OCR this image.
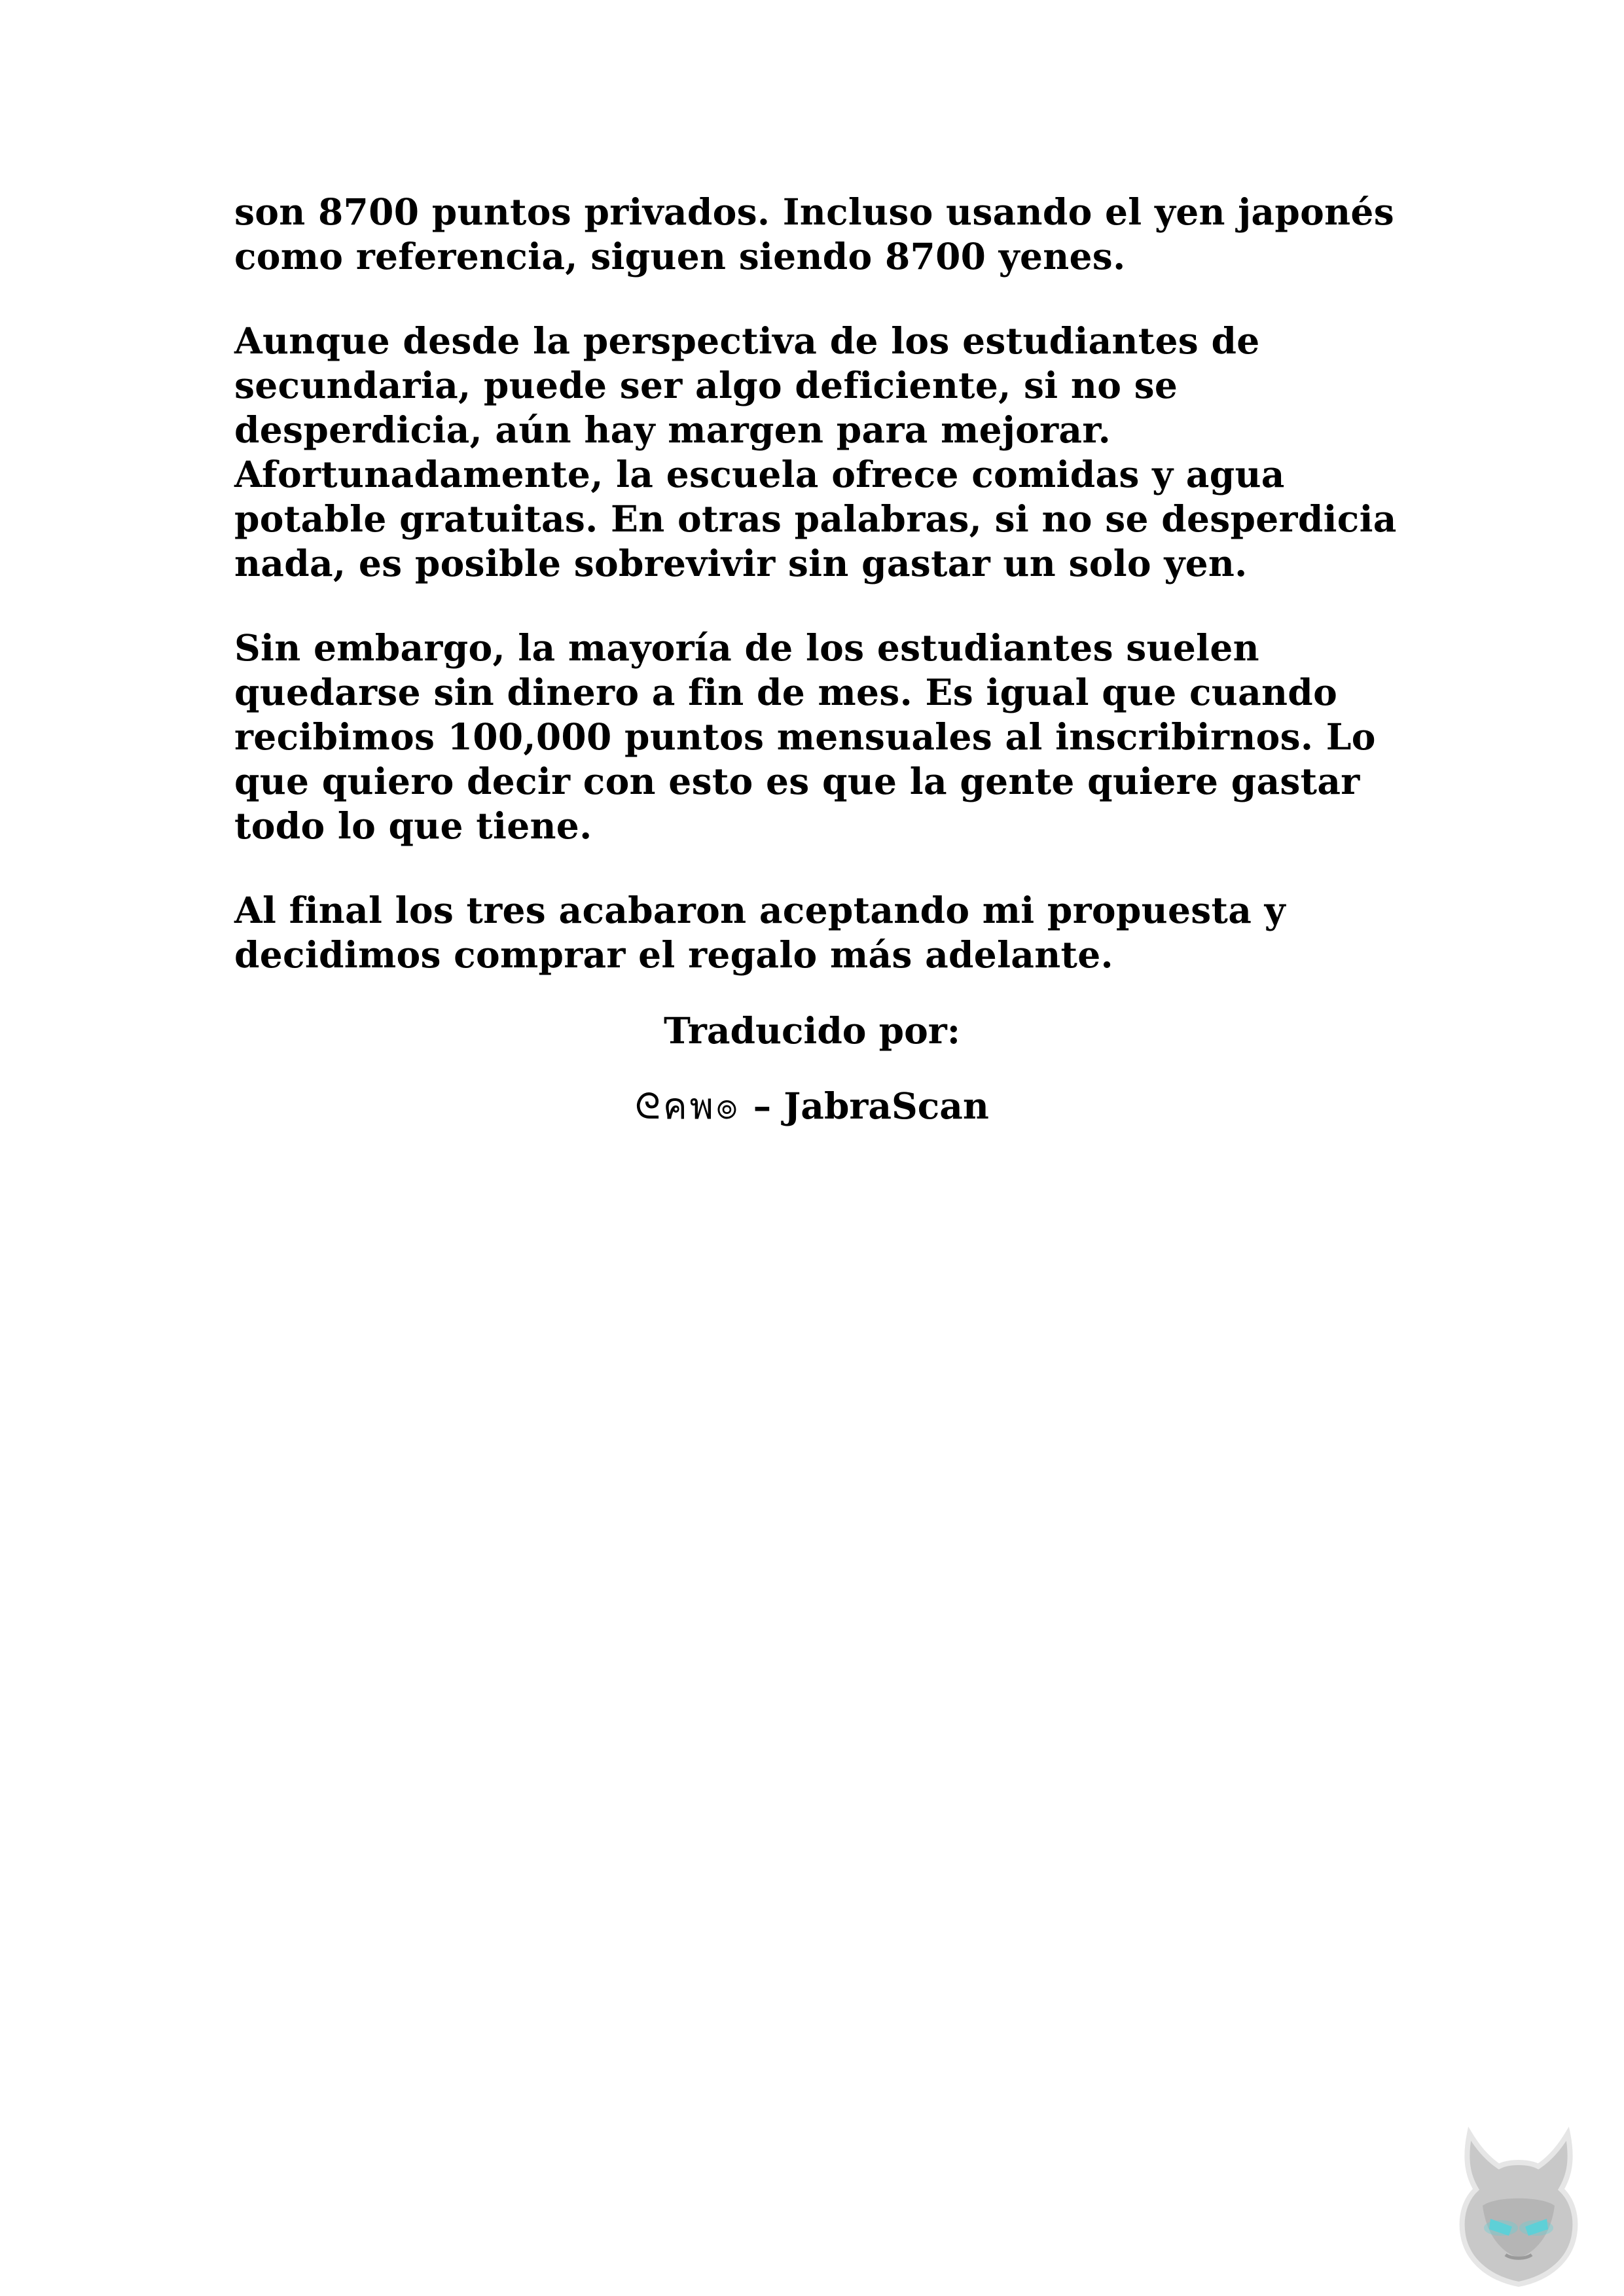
son 8700 puntos privados. Incluso usando el yen japonés como referencia, siguen siendo 8700 yenes.

Aunque desde la perspectiva de los estudiantes de secundaria, puede ser algo deficiente, si no se desperdicia, aún hay margen para mejorar. Afortunadamente, la escuela ofrece comidas y agua potable gratuitas. En otras palabras, si no se desperdicia nada, es posible sobrevivir sin gastar un solo yen.

Sin embargo, la mayoría de los estudiantes suelen quedarse sin dinero a fin de mes. Es igual que cuando recibimos 100,000 puntos mensuales al inscribirnos. Lo que quiero decir con esto es que la gente quiere gastar todo lo que tiene.

Al final los tres acabaron aceptando mi propuesta y decidimos comprar el regalo más adelante.

Traducido por:
ᘓคพ๏ – JabraScan
